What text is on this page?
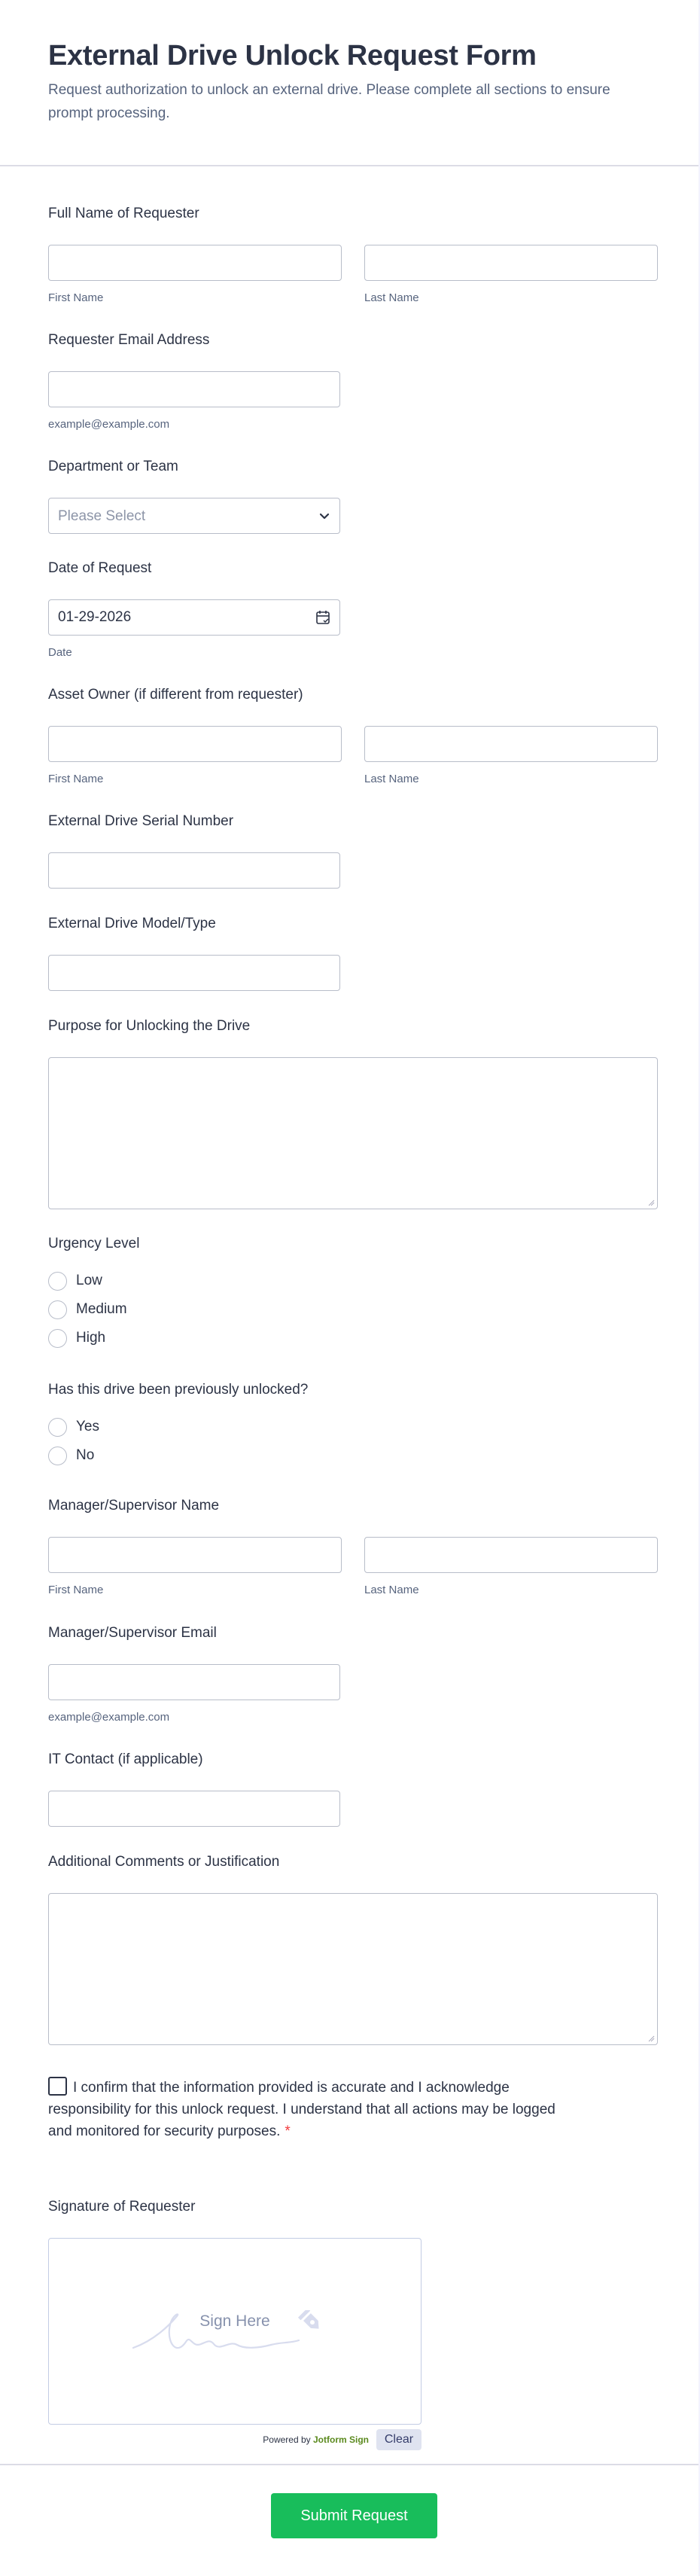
External Drive Unlock Request Form

Request authorization to unlock an external drive. Please complete all sections to ensure prompt processing.

Full Name of Requester
First Name	Last Name
Requester Email Address
example@example.com
Department or Team
Please Select
Date of Request
01-29-2026
Date
Asset Owner (if different from requester)
First Name	Last Name
External Drive Serial Number
External Drive Model/Type
Purpose for Unlocking the Drive
Urgency Level
Low
Medium
High
Has this drive been previously unlocked?
Yes
No
Manager/Supervisor Name
First Name	Last Name
Manager/Supervisor Email
example@example.com
IT Contact (if applicable)
Additional Comments or Justification
I confirm that the information provided is accurate and I acknowledge responsibility for this unlock request. I understand that all actions may be logged and monitored for security purposes. *
Signature of Requester
Sign Here
Powered by Jotform Sign	Clear
Submit Request
